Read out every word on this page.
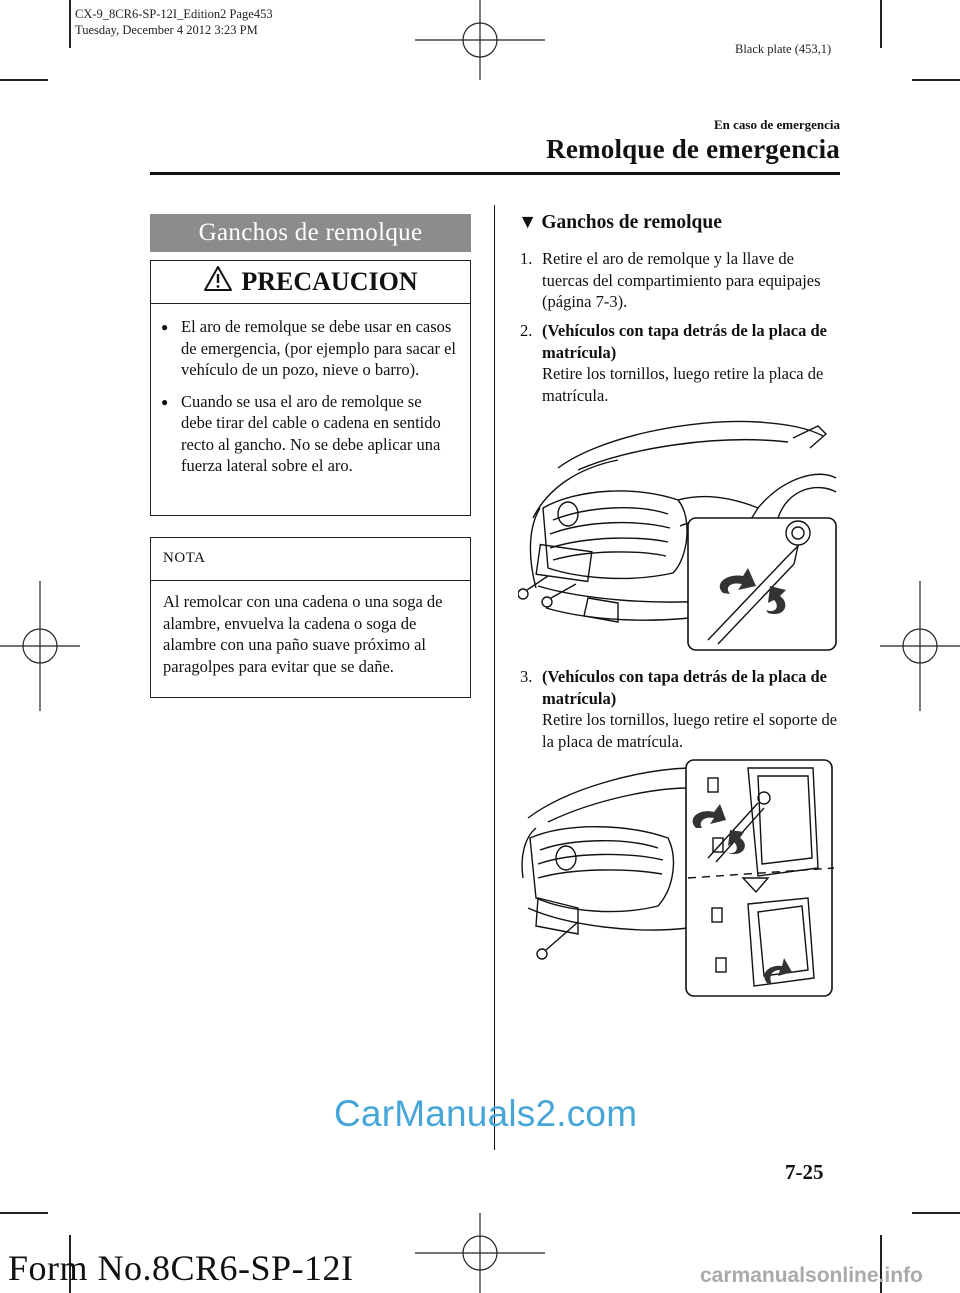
CX-9_8CR6-SP-12I_Edition2 Page453
Tuesday, December 4 2012 3:23 PM
Black plate (453,1)
En caso de emergencia
Remolque de emergencia
Ganchos de remolque
PRECAUCION
● El aro de remolque se debe usar en casos de emergencia, (por ejemplo para sacar el vehículo de un pozo, nieve o barro).
● Cuando se usa el aro de remolque se debe tirar del cable o cadena en sentido recto al gancho. No se debe aplicar una fuerza lateral sobre el aro.
NOTA
Al remolcar con una cadena o una soga de alambre, envuelva la cadena o soga de alambre con una paño suave próximo al paragolpes para evitar que se dañe.
▼ Ganchos de remolque
1. Retire el aro de remolque y la llave de tuercas del compartimiento para equipajes (página 7-3).
2. (Vehículos con tapa detrás de la placa de matrícula)
Retire los tornillos, luego retire la placa de matrícula.
3. (Vehículos con tapa detrás de la placa de matrícula)
Retire los tornillos, luego retire el soporte de la placa de matrícula.
7-25
CarManuals2.com
Form No.8CR6-SP-12I	carmanualsonline.info
